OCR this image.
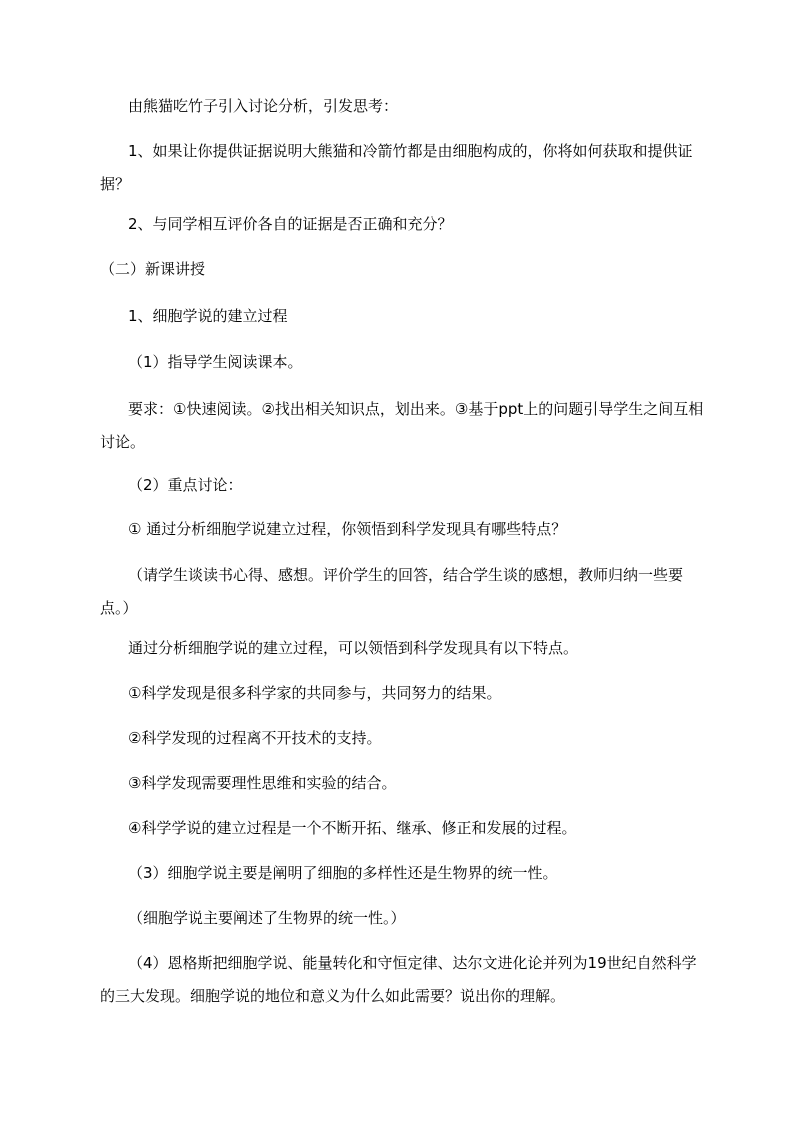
由熊猫吃竹子引入讨论分析，引发思考：

1、如果让你提供证据说明大熊猫和冷箭竹都是由细胞构成的，你将如何获取和提供证据？

2、与同学相互评价各自的证据是否正确和充分？

（二）新课讲授

1、细胞学说的建立过程

（1）指导学生阅读课本。

要求：①快速阅读。②找出相关知识点，划出来。③基于ppt上的问题引导学生之间互相讨论。

（2）重点讨论：

① 通过分析细胞学说建立过程，你领悟到科学发现具有哪些特点？

（请学生谈读书心得、感想。评价学生的回答，结合学生谈的感想，教师归纳一些要点。）

通过分析细胞学说的建立过程，可以领悟到科学发现具有以下特点。

①科学发现是很多科学家的共同参与，共同努力的结果。

②科学发现的过程离不开技术的支持。

③科学发现需要理性思维和实验的结合。

④科学学说的建立过程是一个不断开拓、继承、修正和发展的过程。

（3）细胞学说主要是阐明了细胞的多样性还是生物界的统一性。

（细胞学说主要阐述了生物界的统一性。）

（4）恩格斯把细胞学说、能量转化和守恒定律、达尔文进化论并列为19世纪自然科学的三大发现。细胞学说的地位和意义为什么如此需要？说出你的理解。
